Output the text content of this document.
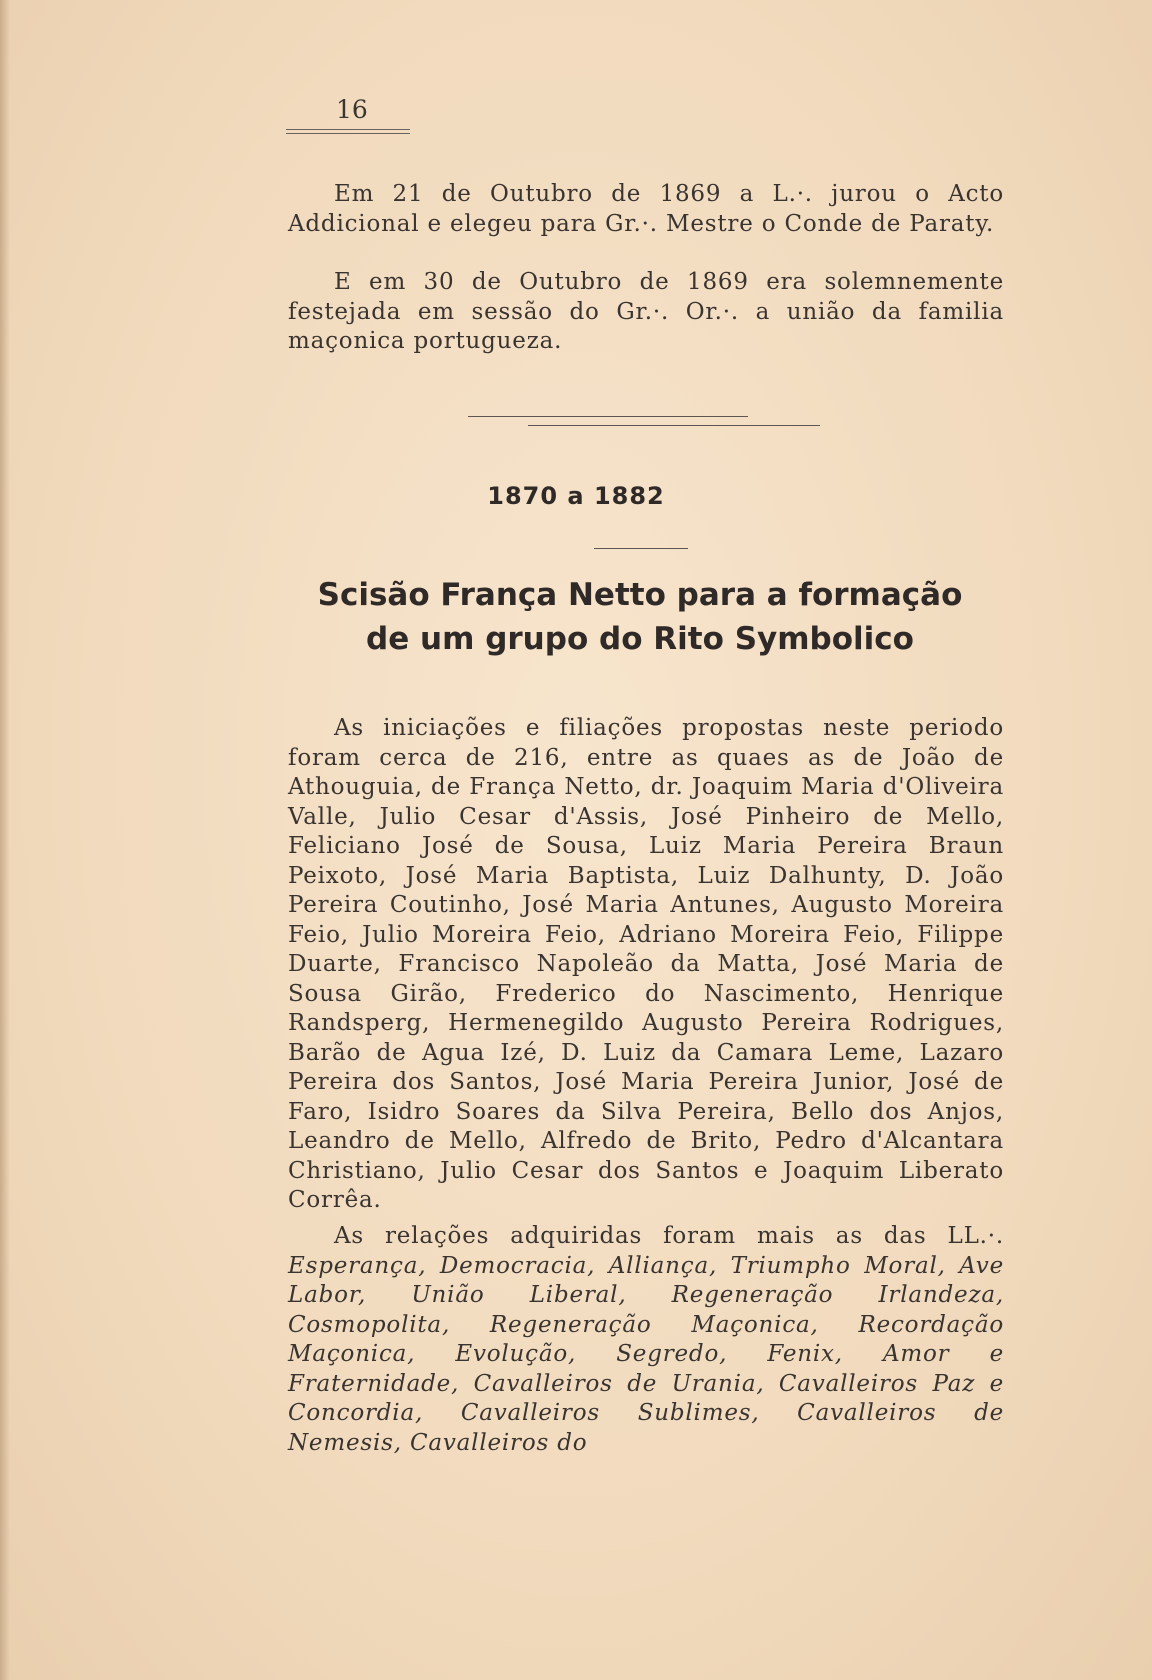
16

Em 21 de Outubro de 1869 a L.·. jurou o Acto Addicional e elegeu para Gr.·. Mestre o Conde de Paraty.

E em 30 de Outubro de 1869 era solemnemente festejada em sessão do Gr.·. Or.·. a união da familia maçonica portugueza.

1870 a 1882
Scisão França Netto para a formação
de um grupo do Rito Symbolico

As iniciações e filiações propostas neste periodo foram cerca de 216, entre as quaes as de João de Athouguia, de França Netto, dr. Joaquim Maria d'Oliveira Valle, Julio Cesar d'Assis, José Pinheiro de Mello, Feliciano José de Sousa, Luiz Maria Pereira Braun Peixoto, José Maria Baptista, Luiz Dalhunty, D. João Pereira Coutinho, José Maria Antunes, Augusto Moreira Feio, Julio Moreira Feio, Adriano Moreira Feio, Filippe Duarte, Francisco Napoleão da Matta, José Maria de Sousa Girão, Frederico do Nascimento, Henrique Randsperg, Hermenegildo Augusto Pereira Rodrigues, Barão de Agua Izé, D. Luiz da Camara Leme, Lazaro Pereira dos Santos, José Maria Pereira Junior, José de Faro, Isidro Soares da Silva Pereira, Bello dos Anjos, Leandro de Mello, Alfredo de Brito, Pedro d'Alcantara Christiano, Julio Cesar dos Santos e Joaquim Liberato Corrêa.

As relações adquiridas foram mais as das LL.·. Esperança, Democracia, Alliança, Triumpho Moral, Ave Labor, União Liberal, Regeneração Irlandeza, Cosmopolita, Regeneração Maçonica, Recordação Maçonica, Evolução, Segredo, Fenix, Amor e Fraternidade, Cavalleiros de Urania, Cavalleiros Paz e Concordia, Cavalleiros Sublimes, Cavalleiros de Nemesis, Cavalleiros do
